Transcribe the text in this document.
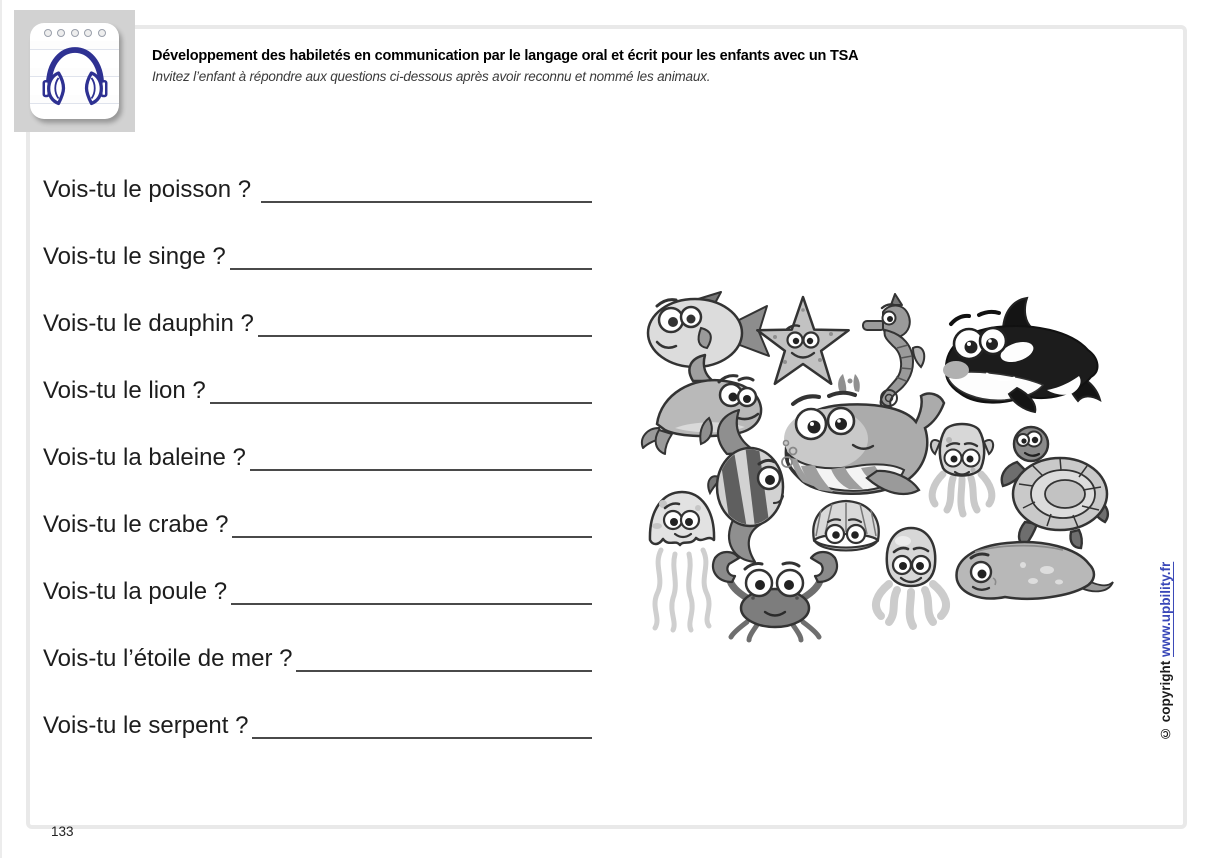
Développement des habiletés en communication par le langage oral et écrit pour les enfants avec un TSA
Invitez l’enfant à répondre aux questions ci-dessous après avoir reconnu et nommé les animaux.
Vois-tu le poisson ?
Vois-tu le singe ?
Vois-tu le dauphin ?
Vois-tu le lion ?
Vois-tu la baleine ?
Vois-tu le crabe ?
Vois-tu la poule ?
Vois-tu l’étoile de mer ?
Vois-tu le serpent ?	© copyright www.upbility.fr
133
